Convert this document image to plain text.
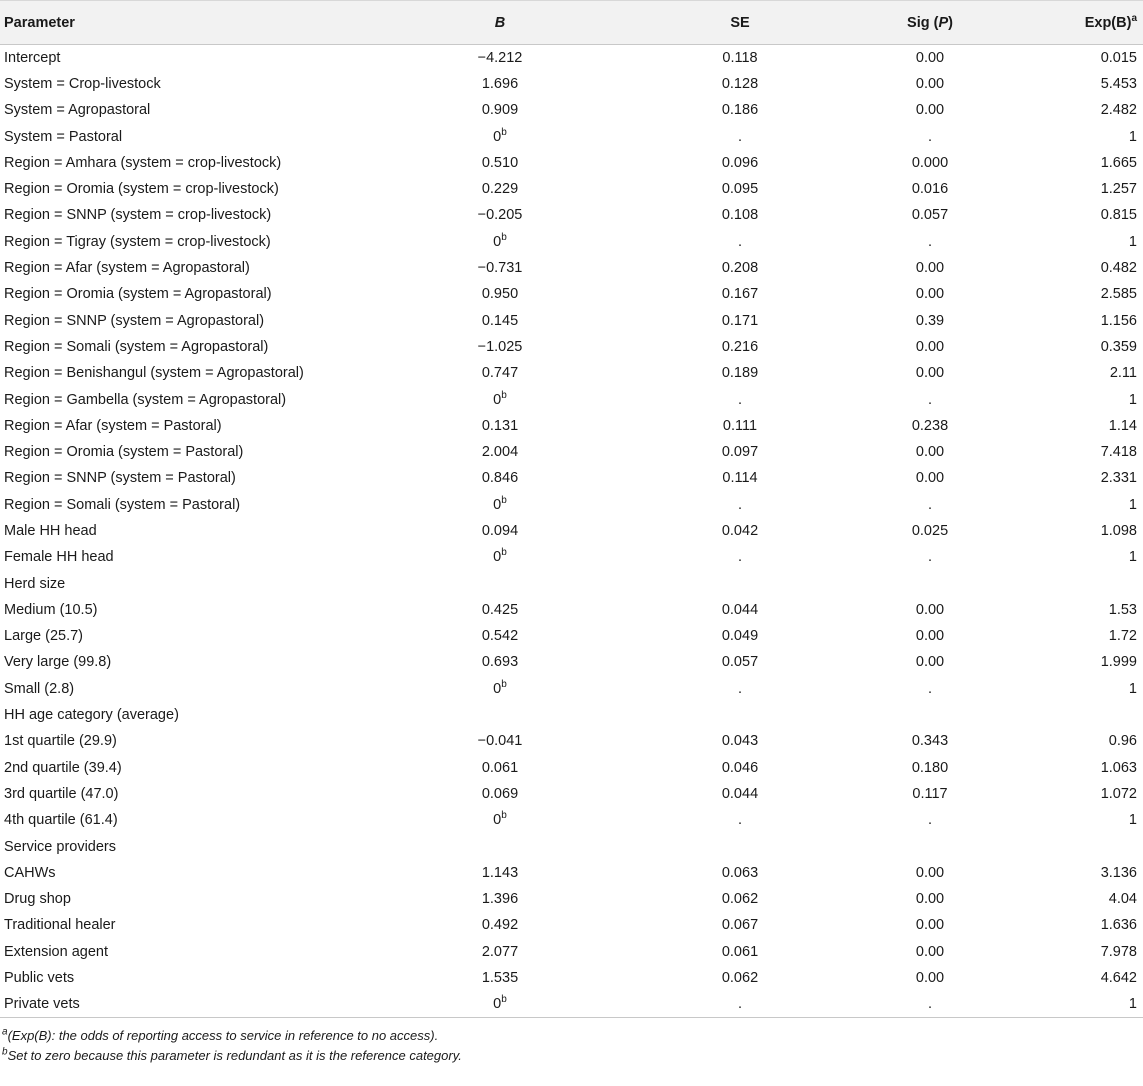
Parameter	B	SE	Sig (P)	$Exp(B)^a$
Intercept	−4.212	0.118	0.00	0.015
System = Crop-livestock	1.696	0.128	0.00	5.453
System = Agropastoral	0.909	0.186	0.00	2.482
System = Pastoral	0$^b$	.	.	1
Region = Amhara (system = crop-livestock)	0.510	0.096	0.000	1.665
Region = Oromia (system = crop-livestock)	0.229	0.095	0.016	1.257
Region = SNNP (system = crop-livestock)	−0.205	0.108	0.057	0.815
Region = Tigray (system = crop-livestock)	0$^b$	.	.	1
Region = Afar (system = Agropastoral)	−0.731	0.208	0.00	0.482
Region = Oromia (system = Agropastoral)	0.950	0.167	0.00	2.585
Region = SNNP (system = Agropastoral)	0.145	0.171	0.39	1.156
Region = Somali (system = Agropastoral)	−1.025	0.216	0.00	0.359
Region = Benishangul (system = Agropastoral)	0.747	0.189	0.00	2.11
Region = Gambella (system = Agropastoral)	0$^b$	.	.	1
Region = Afar (system = Pastoral)	0.131	0.111	0.238	1.14
Region = Oromia (system = Pastoral)	2.004	0.097	0.00	7.418
Region = SNNP (system = Pastoral)	0.846	0.114	0.00	2.331
Region = Somali (system = Pastoral)	0$^b$	.	.	1
Male HH head	0.094	0.042	0.025	1.098
Female HH head	0$^b$	.	.	1
Herd size				
Medium (10.5)	0.425	0.044	0.00	1.53
Large (25.7)	0.542	0.049	0.00	1.72
Very large (99.8)	0.693	0.057	0.00	1.999
Small (2.8)	0$^b$	.	.	1
HH age category (average)				
1st quartile (29.9)	−0.041	0.043	0.343	0.96
2nd quartile (39.4)	0.061	0.046	0.180	1.063
3rd quartile (47.0)	0.069	0.044	0.117	1.072
4th quartile (61.4)	0$^b$	.	.	1
Service providers				
CAHWs	1.143	0.063	0.00	3.136
Drug shop	1.396	0.062	0.00	4.04
Traditional healer	0.492	0.067	0.00	1.636
Extension agent	2.077	0.061	0.00	7.978
Public vets	1.535	0.062	0.00	4.642
Private vets	0$^b$	.	.	1
$^a$(Exp(B): the odds of reporting access to service in reference to no access).
$^b$Set to zero because this parameter is redundant as it is the reference category.
